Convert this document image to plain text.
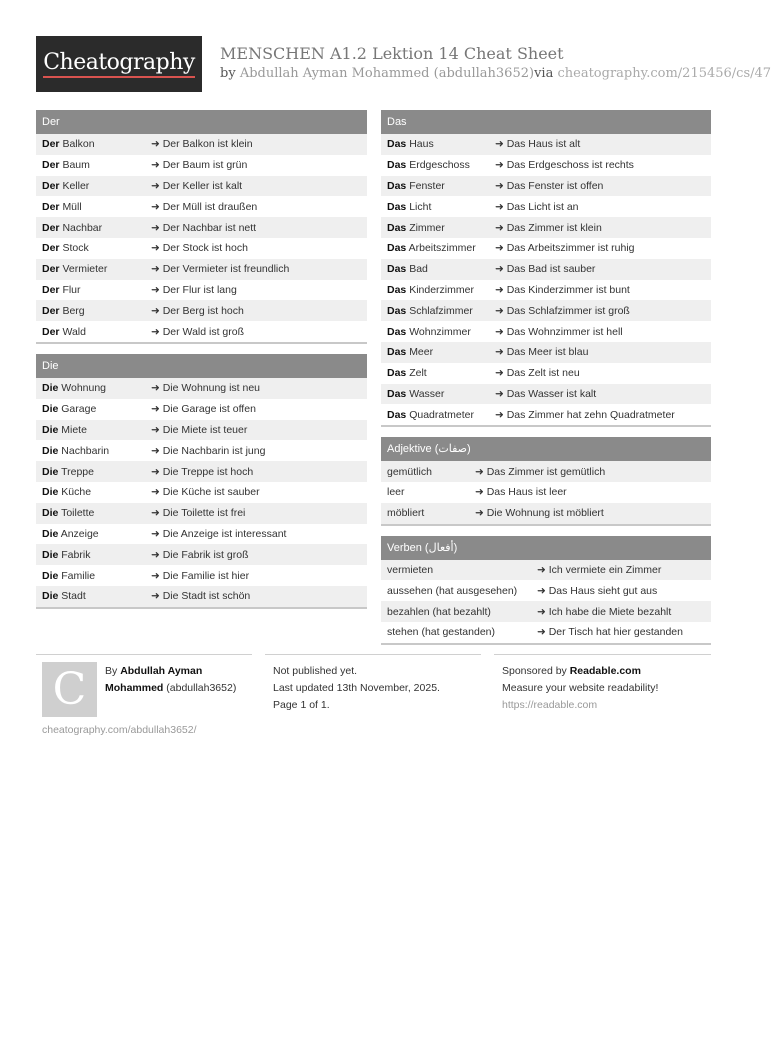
Cheatography MENSCHEN A1.2 Lektion 14 Cheat Sheet
by Abdullah Ayman Mohammed (abdullah3652)via cheatography.com/215456/cs/47
Der
Der Balkon	➜ Der Balkon ist klein
Der Baum	➜ Der Baum ist grün
Der Keller	➜ Der Keller ist kalt
Der Müll	➜ Der Müll ist draußen
Der Nachbar	➜ Der Nachbar ist nett
Der Stock	➜ Der Stock ist hoch
Der Vermieter	➜ Der Vermieter ist freundlich
Der Flur	➜ Der Flur ist lang
Der Berg	➜ Der Berg ist hoch
Der Wald	➜ Der Wald ist groß
Die
Die Wohnung	➜ Die Wohnung ist neu
Die Garage	➜ Die Garage ist offen
Die Miete	➜ Die Miete ist teuer
Die Nachbarin	➜ Die Nachbarin ist jung
Die Treppe	➜ Die Treppe ist hoch
Die Küche	➜ Die Küche ist sauber
Die Toilette	➜ Die Toilette ist frei
Die Anzeige	➜ Die Anzeige ist interessant
Die Fabrik	➜ Die Fabrik ist groß
Die Familie	➜ Die Familie ist hier
Die Stadt	➜ Die Stadt ist schön
Das
Das Haus	➜ Das Haus ist alt
Das Erdgeschoss	➜ Das Erdgeschoss ist rechts
Das Fenster	➜ Das Fenster ist offen
Das Licht	➜ Das Licht ist an
Das Zimmer	➜ Das Zimmer ist klein
Das Arbeitszimmer	➜ Das Arbeitszimmer ist ruhig
Das Bad	➜ Das Bad ist sauber
Das Kinderzimmer	➜ Das Kinderzimmer ist bunt
Das Schlafzimmer	➜ Das Schlafzimmer ist groß
Das Wohnzimmer	➜ Das Wohnzimmer ist hell
Das Meer	➜ Das Meer ist blau
Das Zelt	➜ Das Zelt ist neu
Das Wasser	➜ Das Wasser ist kalt
Das Quadratmeter	➜ Das Zimmer hat zehn Quadratmeter
Adjektive (صفات)
gemütlich	➜ Das Zimmer ist gemütlich
leer	➜ Das Haus ist leer
möbliert	➜ Die Wohnung ist möbliert
Verben (أفعال)
vermieten	➜ Ich vermiete ein Zimmer
aussehen (hat ausgesehen)	➜ Das Haus sieht gut aus
bezahlen (hat bezahlt)	➜ Ich habe die Miete bezahlt
stehen (hat gestanden)	➜ Der Tisch hat hier gestanden
C By Abdullah Ayman Mohammed (abdullah3652)
cheatography.com/abdullah3652/
Not published yet.
Last updated 13th November, 2025.
Page 1 of 1.
Sponsored by Readable.com
Measure your website readability!
https://readable.com
